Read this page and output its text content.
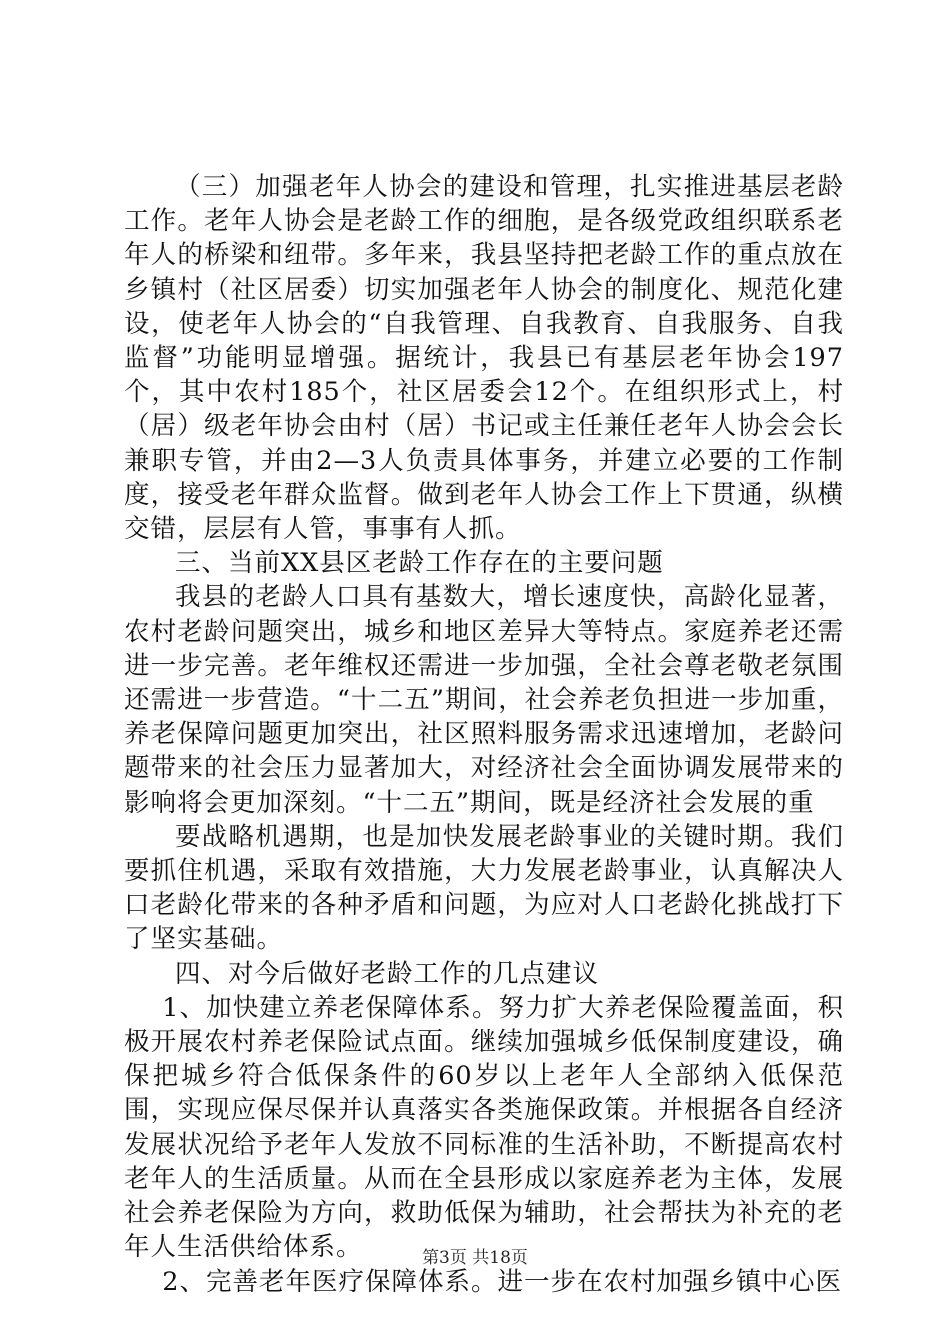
（三）加强老年人协会的建设和管理，扎实推进基层老龄工作。老年人协会是老龄工作的细胞，是各级党政组织联系老年人的桥梁和纽带。多年来，我县坚持把老龄工作的重点放在乡镇村（社区居委）切实加强老年人协会的制度化、规范化建设，使老年人协会的“自我管理、自我教育、自我服务、自我监督”功能明显增强。据统计，我县已有基层老年协会197个，其中农村185个，社区居委会12个。在组织形式上，村（居）级老年协会由村（居）书记或主任兼任老年人协会会长兼职专管，并由2—3人负责具体事务，并建立必要的工作制度，接受老年群众监督。做到老年人协会工作上下贯通，纵横交错，层层有人管，事事有人抓。

三、当前XX县区老龄工作存在的主要问题

我县的老龄人口具有基数大，增长速度快，高龄化显著，农村老龄问题突出，城乡和地区差异大等特点。家庭养老还需进一步完善。老年维权还需进一步加强，全社会尊老敬老氛围还需进一步营造。“十二五”期间，社会养老负担进一步加重，养老保障问题更加突出，社区照料服务需求迅速增加，老龄问题带来的社会压力显著加大，对经济社会全面协调发展带来的影响将会更加深刻。“十二五”期间，既是经济社会发展的重

要战略机遇期，也是加快发展老龄事业的关键时期。我们要抓住机遇，采取有效措施，大力发展老龄事业，认真解决人口老龄化带来的各种矛盾和问题，为应对人口老龄化挑战打下了坚实基础。

四、对今后做好老龄工作的几点建议

1、加快建立养老保障体系。努力扩大养老保险覆盖面，积极开展农村养老保险试点面。继续加强城乡低保制度建设，确保把城乡符合低保条件的60岁以上老年人全部纳入低保范围，实现应保尽保并认真落实各类施保政策。并根据各自经济发展状况给予老年人发放不同标准的生活补助，不断提高农村老年人的生活质量。从而在全县形成以家庭养老为主体，发展社会养老保险为方向，救助低保为辅助，社会帮扶为补充的老年人生活供给体系。

2、完善老年医疗保障体系。进一步在农村加强乡镇中心医

第3页 共18页
